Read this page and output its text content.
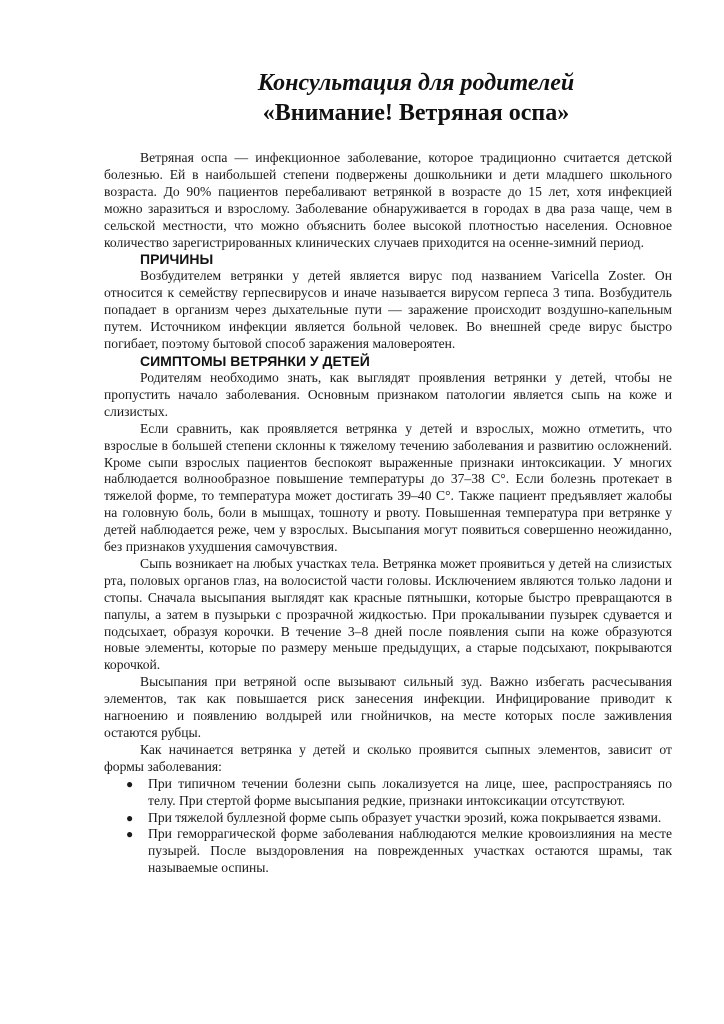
Консультация для родителей
«Внимание! Ветряная оспа»

Ветряная оспа — инфекционное заболевание, которое традиционно считается детской болезнью. Ей в наибольшей степени подвержены дошкольники и дети младшего школьного возраста. До 90% пациентов перебаливают ветрянкой в возрасте до 15 лет, хотя инфекцией можно заразиться и взрослому. Заболевание обнаруживается в городах в два раза чаще, чем в сельской местности, что можно объяснить более высокой плотностью населения. Основное количество зарегистрированных клинических случаев приходится на осенне-зимний период.

ПРИЧИНЫ

Возбудителем ветрянки у детей является вирус под названием Varicella Zoster. Он относится к семейству герпесвирусов и иначе называется вирусом герпеса 3 типа. Возбудитель попадает в организм через дыхательные пути — заражение происходит воздушно-капельным путем. Источником инфекции является больной человек. Во внешней среде вирус быстро погибает, поэтому бытовой способ заражения маловероятен.

СИМПТОМЫ ВЕТРЯНКИ У ДЕТЕЙ

Родителям необходимо знать, как выглядят проявления ветрянки у детей, чтобы не пропустить начало заболевания. Основным признаком патологии является сыпь на коже и слизистых.

Если сравнить, как проявляется ветрянка у детей и взрослых, можно отметить, что взрослые в большей степени склонны к тяжелому течению заболевания и развитию осложнений. Кроме сыпи взрослых пациентов беспокоят выраженные признаки интоксикации. У многих наблюдается волнообразное повышение температуры до 37–38 С°. Если болезнь протекает в тяжелой форме, то температура может достигать 39–40 С°. Также пациент предъявляет жалобы на головную боль, боли в мышцах, тошноту и рвоту. Повышенная температура при ветрянке у детей наблюдается реже, чем у взрослых. Высыпания могут появиться совершенно неожиданно, без признаков ухудшения самочувствия.

Сыпь возникает на любых участках тела. Ветрянка может проявиться у детей на слизистых рта, половых органов глаз, на волосистой части головы. Исключением являются только ладони и стопы. Сначала высыпания выглядят как красные пятнышки, которые быстро превращаются в папулы, а затем в пузырьки с прозрачной жидкостью. При прокалывании пузырек сдувается и подсыхает, образуя корочки. В течение 3–8 дней после появления сыпи на коже образуются новые элементы, которые по размеру меньше предыдущих, а старые подсыхают, покрываются корочкой.

Высыпания при ветряной оспе вызывают сильный зуд. Важно избегать расчесывания элементов, так как повышается риск занесения инфекции. Инфицирование приводит к нагноению и появлению волдырей или гнойничков, на месте которых после заживления остаются рубцы.

Как начинается ветрянка у детей и сколько проявится сыпных элементов, зависит от формы заболевания:

● При типичном течении болезни сыпь локализуется на лице, шее, распространяясь по телу. При стертой форме высыпания редкие, признаки интоксикации отсутствуют.
● При тяжелой буллезной форме сыпь образует участки эрозий, кожа покрывается язвами.
● При геморрагической форме заболевания наблюдаются мелкие кровоизлияния на месте пузырей. После выздоровления на поврежденных участках остаются шрамы, так называемые оспины.
